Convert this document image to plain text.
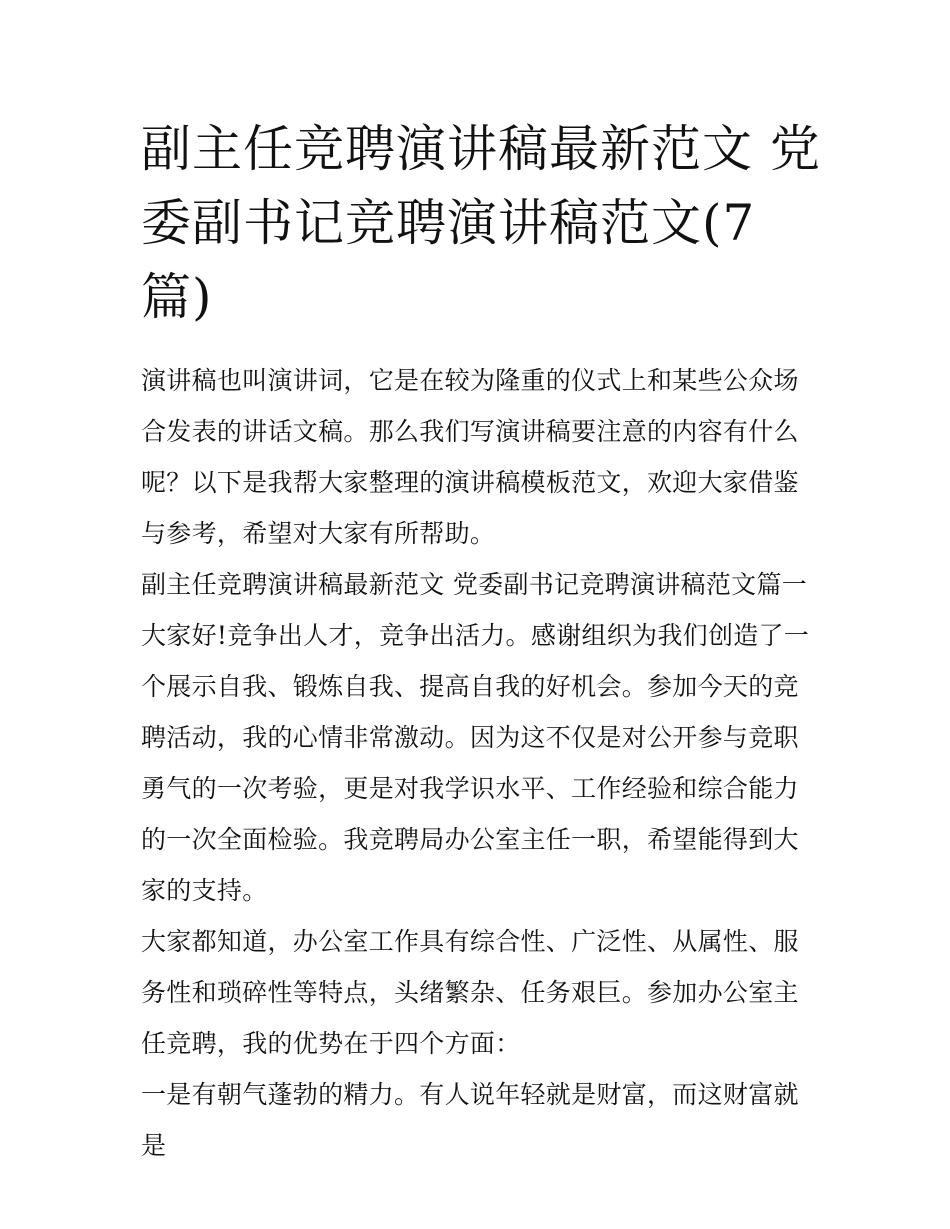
副主任竞聘演讲稿最新范文 党委副书记竞聘演讲稿范文(7篇)

演讲稿也叫演讲词，它是在较为隆重的仪式上和某些公众场合发表的讲话文稿。那么我们写演讲稿要注意的内容有什么呢？以下是我帮大家整理的演讲稿模板范文，欢迎大家借鉴与参考，希望对大家有所帮助。

副主任竞聘演讲稿最新范文 党委副书记竞聘演讲稿范文篇一

大家好!竞争出人才，竞争出活力。感谢组织为我们创造了一个展示自我、锻炼自我、提高自我的好机会。参加今天的竞聘活动，我的心情非常激动。因为这不仅是对公开参与竞职勇气的一次考验，更是对我学识水平、工作经验和综合能力的一次全面检验。我竞聘局办公室主任一职，希望能得到大家的支持。

大家都知道，办公室工作具有综合性、广泛性、从属性、服务性和琐碎性等特点，头绪繁杂、任务艰巨。参加办公室主任竞聘，我的优势在于四个方面：

一是有朝气蓬勃的精力。有人说年轻就是财富，而这财富就是
